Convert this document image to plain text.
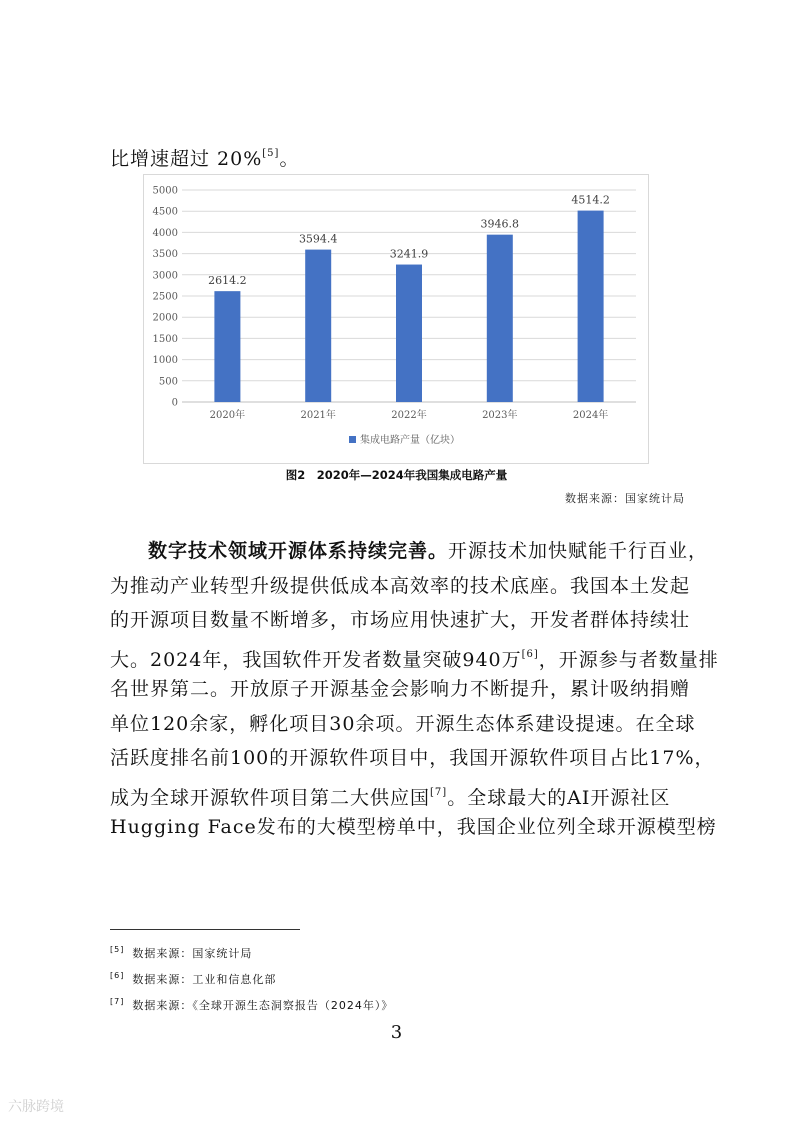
比增速超过 20%[5]。
0
500
1000
1500
2000
2500
3000
3500
4000
4500
5000
2614.2
2020年
3594.4
2021年
3241.9
2022年
3946.8
2023年
4514.2
2024年
集成电路产量（亿块）
图2　2020年—2024年我国集成电路产量
数据来源：国家统计局
数字技术领域开源体系持续完善。开源技术加快赋能千行百业，
为推动产业转型升级提供低成本高效率的技术底座。我国本土发起
的开源项目数量不断增多，市场应用快速扩大，开发者群体持续壮
大。2024年，我国软件开发者数量突破940万[6]，开源参与者数量排
名世界第二。开放原子开源基金会影响力不断提升，累计吸纳捐赠
单位120余家，孵化项目30余项。开源生态体系建设提速。在全球
活跃度排名前100的开源软件项目中，我国开源软件项目占比17%，
成为全球开源软件项目第二大供应国[7]。全球最大的AI开源社区
Hugging Face发布的大模型榜单中，我国企业位列全球开源模型榜
[5] 数据来源：国家统计局
[6] 数据来源：工业和信息化部
[7] 数据来源：《全球开源生态洞察报告（2024年）》
3
六脉跨境
